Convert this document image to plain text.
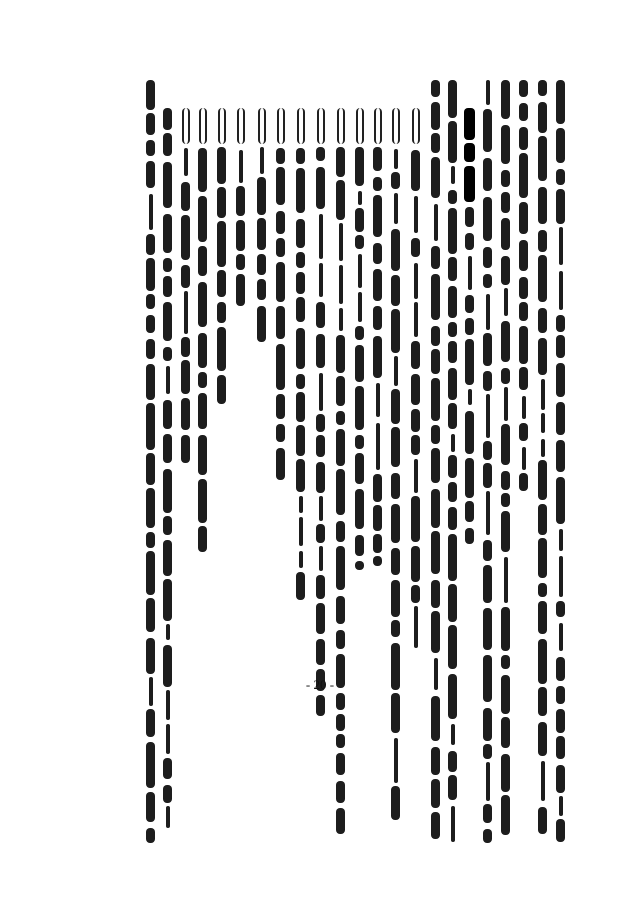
- 20 -
